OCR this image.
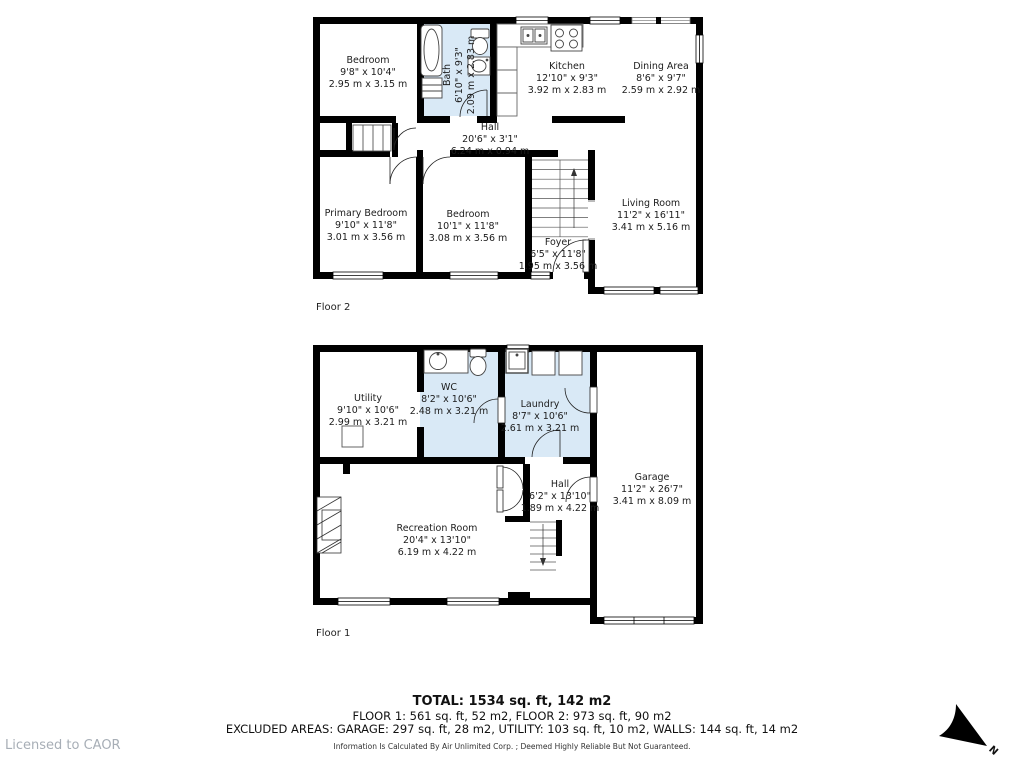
Bedroom
9'8" x 10'4"
2.95 m x 3.15 m	Bath 6'10" x 9'3" 2.09 m x 2.83 m	Kitchen
12'10" x 9'3"
3.92 m x 2.83 m
Dining Area
8'6" x 9'7"
2.59 m x 2.92 m
Hall
20'6" x 3'1"
6.24 m x 0.94 m
Primary Bedroom
9'10" x 11'8"
3.01 m x 3.56 m
Bedroom
10'1" x 11'8"
3.08 m x 3.56 m	Foyer
6'5" x 11'8"
1.95 m x 3.56 m
Living Room
11'2" x 16'11"
3.41 m x 5.16 m
Utility
9'10" x 10'6"
2.99 m x 3.21 m
WC
8'2" x 10'6"
2.48 m x 3.21 m
Laundry
8'7" x 10'6"
2.61 m x 3.21 m
Recreation Room
20'4" x 13'10"
6.19 m x 4.22 m
Hall
6'2" x 13'10"
1.89 m x 4.22 m
Garage
11'2" x 26'7"
3.41 m x 8.09 m
Floor 2
Floor 1
TOTAL: 1534 sq. ft, 142 m2
FLOOR 1: 561 sq. ft, 52 m2, FLOOR 2: 973 sq. ft, 90 m2
EXCLUDED AREAS: GARAGE: 297 sq. ft, 28 m2, UTILITY: 103 sq. ft, 10 m2, WALLS: 144 sq. ft, 14 m2
Information Is Calculated By Air Unlimited Corp. ; Deemed Highly Reliable But Not Guaranteed.
Licensed to CAOR	N
